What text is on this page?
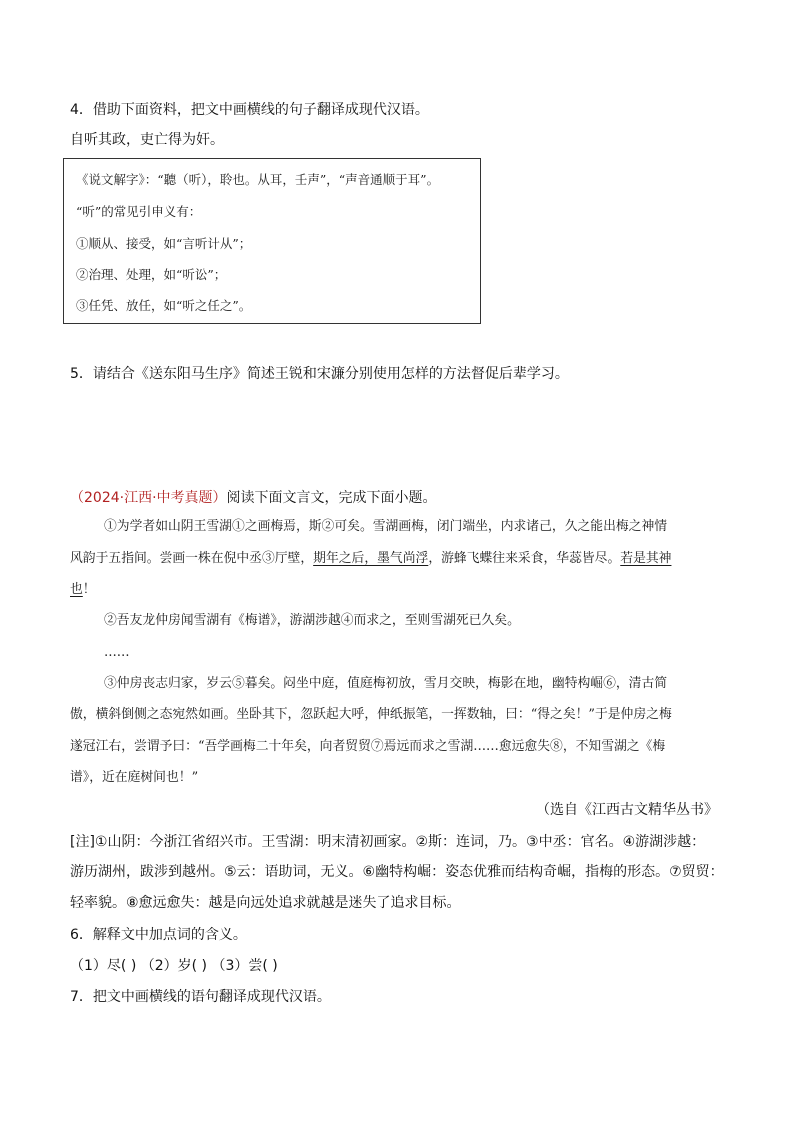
4．借助下面资料，把文中画横线的句子翻译成现代汉语。
自听其政，吏亡得为奸。
《说文解字》：“聽（听），聆也。从耳，壬声”，“声音通顺于耳”。
“听”的常见引申义有：
①顺从、接受，如“言听计从”；
②治理、处理，如“听讼”；
③任凭、放任，如“听之任之”。
5．请结合《送东阳马生序》简述王锐和宋濂分别使用怎样的方法督促后辈学习。
（2024·江西·中考真题）阅读下面文言文，完成下面小题。
①为学者如山阴王雪湖①之画梅焉，斯②可矣。雪湖画梅，闭门端坐，内求诸己，久之能出梅之神情
风韵于五指间。尝画一株在倪中丞③厅壁，期年之后，墨气尚浮，游蜂飞蝶往来采食，华蕊皆尽。若是其神
也！
②吾友龙仲房闻雪湖有《梅谱》，游湖涉越④而求之，至则雪湖死已久矣。
……
③仲房丧志归家，岁云⑤暮矣。闷坐中庭，值庭梅初放，雪月交映，梅影在地，幽特构崛⑥，清古简
傲，横斜倒侧之态宛然如画。坐卧其下，忽跃起大呼，伸纸振笔，一挥数轴，曰：“得之矣！”于是仲房之梅
遂冠江右，尝谓予曰：“吾学画梅二十年矣，向者贸贸⑦焉远而求之雪湖……愈远愈失⑧，不知雪湖之《梅
谱》，近在庭树间也！”
（选自《江西古文精华丛书》
[注]①山阴：今浙江省绍兴市。王雪湖：明末清初画家。②斯：连词，乃。③中丞：官名。④游湖涉越：
游历湖州，跋涉到越州。⑤云：语助词，无义。⑥幽特构崛：姿态优雅而结构奇崛，指梅的形态。⑦贸贸：
轻率貌。⑧愈远愈失：越是向远处追求就越是迷失了追求目标。
6．解释文中加点词的含义。
（1）尽( ) （2）岁( ) （3）尝( )
7．把文中画横线的语句翻译成现代汉语。
